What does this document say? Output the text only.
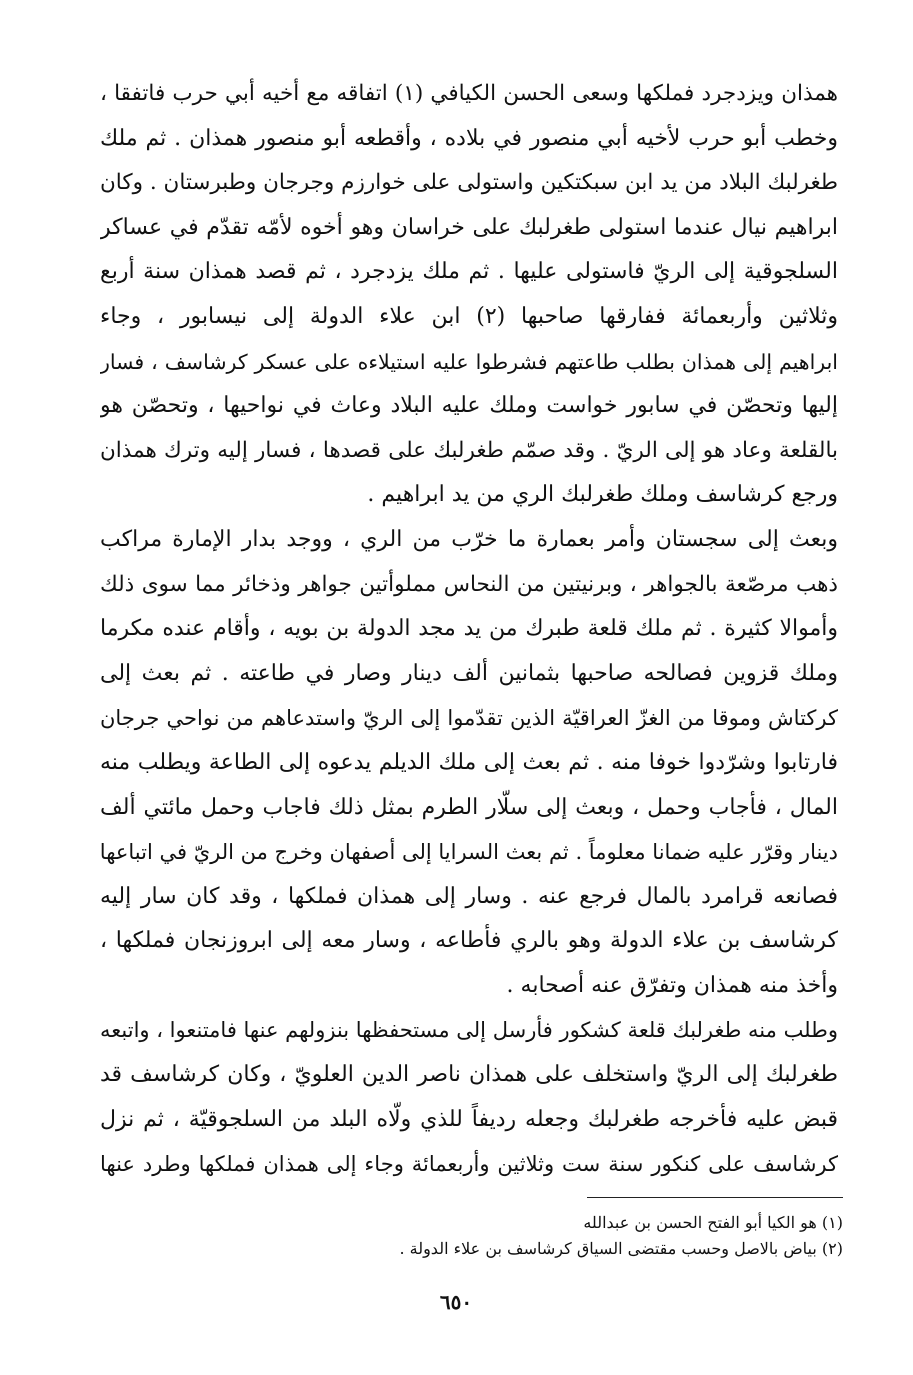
همذان ويزدجرد فملكها وسعى الحسن الكيافي (١) اتفاقه مع أخيه أبي حرب فاتفقا ،
وخطب أبو حرب لأخيه أبي منصور في بلاده ، وأقطعه أبو منصور همذان . ثم ملك
طغرلبك البلاد من يد ابن سبكتكين واستولى على خوارزم وجرجان وطبرستان . وكان
ابراهيم نيال عندما استولى طغرلبك على خراسان وهو أخوه لأمّه تقدّم في عساكر
السلجوقية إلى الريّ فاستولى عليها . ثم ملك يزدجرد ، ثم قصد همذان سنة أربع
وثلاثين وأربعمائة ففارقها صاحبها (٢) ابن علاء الدولة إلى نيسابور ، وجاء
ابراهيم إلى همذان بطلب طاعتهم فشرطوا عليه استيلاءه على عسكر كرشاسف ، فسار
إليها وتحصّن في سابور خواست وملك عليه البلاد وعاث في نواحيها ، وتحصّن هو
بالقلعة وعاد هو إلى الريّ . وقد صمّم طغرلبك على قصدها ، فسار إليه وترك همذان
ورجع كرشاسف وملك طغرلبك الري من يد ابراهيم .
وبعث إلى سجستان وأمر بعمارة ما خرّب من الري ، ووجد بدار الإمارة مراكب
ذهب مرصّعة بالجواهر ، وبرنيتين من النحاس مملوأتين جواهر وذخائر مما سوى ذلك
وأموالا كثيرة . ثم ملك قلعة طبرك من يد مجد الدولة بن بويه ، وأقام عنده مكرما
وملك قزوين فصالحه صاحبها بثمانين ألف دينار وصار في طاعته . ثم بعث إلى
كركتاش وموقا من الغزّ العراقيّة الذين تقدّموا إلى الريّ واستدعاهم من نواحي جرجان
فارتابوا وشرّدوا خوفا منه . ثم بعث إلى ملك الديلم يدعوه إلى الطاعة ويطلب منه
المال ، فأجاب وحمل ، وبعث إلى سلّار الطرم بمثل ذلك فاجاب وحمل مائتي ألف
دينار وقرّر عليه ضمانا معلوماً . ثم بعث السرايا إلى أصفهان وخرج من الريّ في اتباعها
فصانعه قرامرد بالمال فرجع عنه . وسار إلى همذان فملكها ، وقد كان سار إليه
كرشاسف بن علاء الدولة وهو بالري فأطاعه ، وسار معه إلى ابروزنجان فملكها ،
وأخذ منه همذان وتفرّق عنه أصحابه .
وطلب منه طغرلبك قلعة كشكور فأرسل إلى مستحفظها بنزولهم عنها فامتنعوا ، واتبعه
طغرلبك إلى الريّ واستخلف على همذان ناصر الدين العلويّ ، وكان كرشاسف قد
قبض عليه فأخرجه طغرلبك وجعله رديفاً للذي ولّاه البلد من السلجوقيّة ، ثم نزل
كرشاسف على كنكور سنة ست وثلاثين وأربعمائة وجاء إلى همذان فملكها وطرد عنها
(١) هو الكيا أبو الفتح الحسن بن عبدالله
(٢) بياض بالاصل وحسب مقتضى السياق كرشاسف بن علاء الدولة .
٦٥٠
